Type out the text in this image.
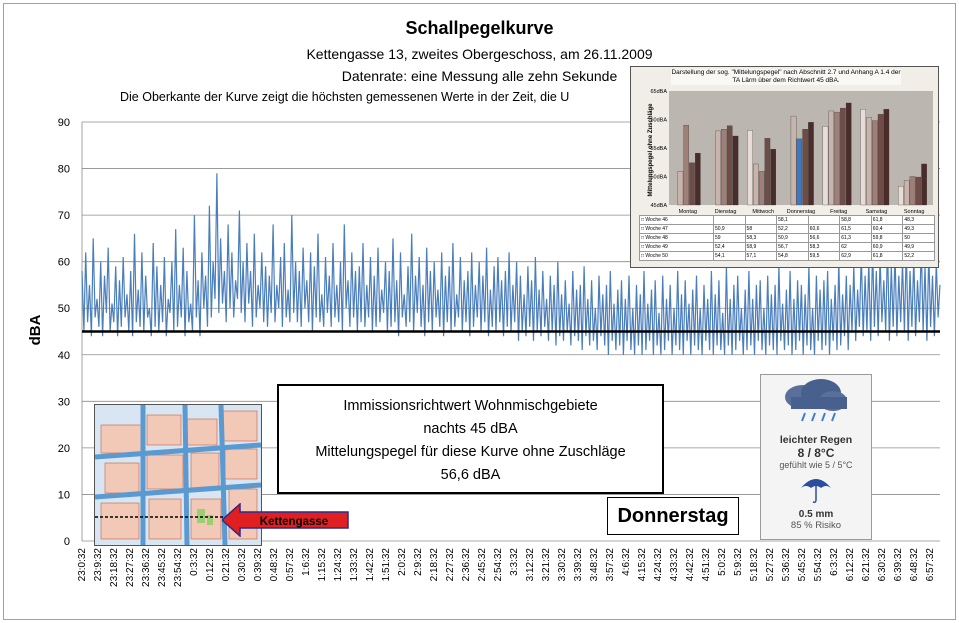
Schallpegelkurve
Kettengasse 13, zweites Obergeschoss, am 26.11.2009
Datenrate: eine Messung alle zehn Sekunde
Die Oberkante der Kurve zeigt die höchsten gemessenen Werte in der Zeit, die U
0
10
20
30
40
50
60
70
80
90
23:0:32 23:9:32 23:18:32 23:27:32 23:36:32 23:45:32 23:54:32 0:3:32 0:12:32 0:21:32 0:30:32 0:39:32 0:48:32 0:57:32 1:6:32 1:15:32 1:24:32 1:33:32 1:42:32 1:51:32 2:0:32 2:9:32 2:18:32 2:27:32 2:36:32 2:45:32 2:54:32 3:3:32 3:12:32 3:21:32 3:30:32 3:39:32 3:48:32 3:57:32 4:6:32 4:15:32 4:24:32 4:33:32 4:42:32 4:51:32 5:0:32 5:9:32 5:18:32 5:27:32 5:36:32 5:45:32 5:54:32 6:3:32 6:12:32 6:21:32 6:30:32 6:39:32 6:48:32 6:57:32
dBA
65dBA
60dBA
55dBA
50dBA
45dBA
Montag	Dienstag	Mittwoch Donnerstag	Freitag	Samstag	Sonntag
Darstellung der sog. "Mittelungspegel" nach Abschnitt 2.7 und Anhang A 1.4 der TA Lärm über dem Richtwert 45 dBA.
Mittelungspegel ohne Zuschläge
□ Woche 46			58,1		58,8	61,8	48,3
□ Woche 47	50,9	58	52,2	60,6	61,5	60,4	49,3
□ Woche 48	59	58,3	50,9	56,6	61,3	59,8	50
□ Woche 49	52,4	58,9	56,7	58,3	62	60,9	49,9
□ Woche 50	54,1	57,1	54,8	59,5	62,9	61,8	52,2
Kettengasse
Immissionsrichtwert Wohnmischgebiete
nachts 45 dBA
Mittelungspegel für diese Kurve ohne Zuschläge
56,6 dBA
Donnerstag
leichter Regen
8 / 8°C
gefühlt wie 5 / 5°C
0.5 mm
85 % Risiko
